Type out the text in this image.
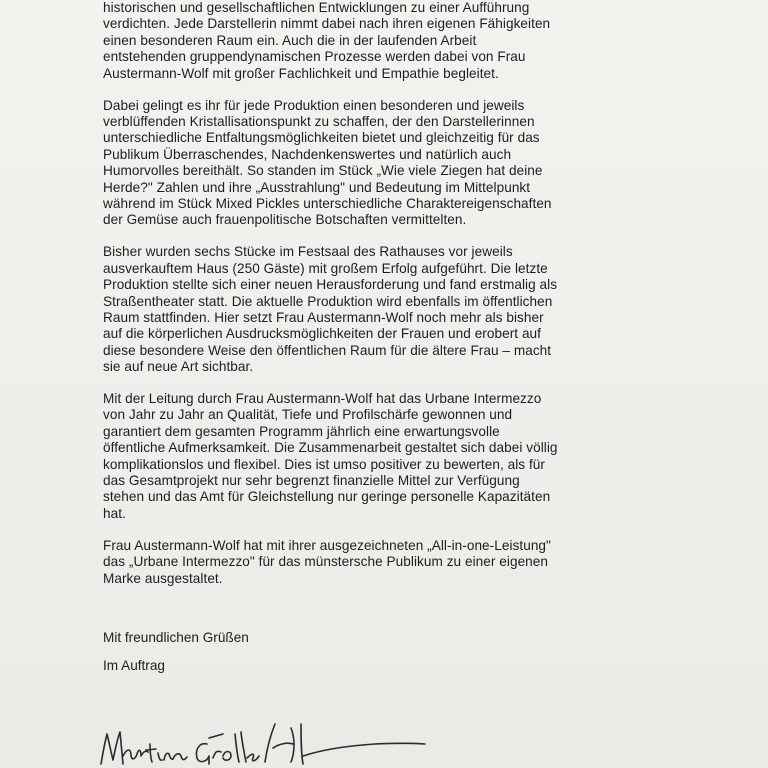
historischen und gesellschaftlichen Entwicklungen zu einer Aufführung
verdichten. Jede Darstellerin nimmt dabei nach ihren eigenen Fähigkeiten
einen besonderen Raum ein. Auch die in der laufenden Arbeit
entstehenden gruppendynamischen Prozesse werden dabei von Frau
Austermann-Wolf mit großer Fachlichkeit und Empathie begleitet.
Dabei gelingt es ihr für jede Produktion einen besonderen und jeweils
verblüffenden Kristallisationspunkt zu schaffen, der den Darstellerinnen
unterschiedliche Entfaltungsmöglichkeiten bietet und gleichzeitig für das
Publikum Überraschendes, Nachdenkenswertes und natürlich auch
Humorvolles bereithält. So standen im Stück „Wie viele Ziegen hat deine
Herde?" Zahlen und ihre „Ausstrahlung" und Bedeutung im Mittelpunkt
während im Stück Mixed Pickles unterschiedliche Charaktereigenschaften
der Gemüse auch frauenpolitische Botschaften vermittelten.
Bisher wurden sechs Stücke im Festsaal des Rathauses vor jeweils
ausverkauftem Haus (250 Gäste) mit großem Erfolg aufgeführt. Die letzte
Produktion stellte sich einer neuen Herausforderung und fand erstmalig als
Straßentheater statt. Die aktuelle Produktion wird ebenfalls im öffentlichen
Raum stattfinden. Hier setzt Frau Austermann-Wolf noch mehr als bisher
auf die körperlichen Ausdrucksmöglichkeiten der Frauen und erobert auf
diese besondere Weise den öffentlichen Raum für die ältere Frau – macht
sie auf neue Art sichtbar.
Mit der Leitung durch Frau Austermann-Wolf hat das Urbane Intermezzo
von Jahr zu Jahr an Qualität, Tiefe und Profilschärfe gewonnen und
garantiert dem gesamten Programm jährlich eine erwartungsvolle
öffentliche Aufmerksamkeit. Die Zusammenarbeit gestaltet sich dabei völlig
komplikationslos und flexibel. Dies ist umso positiver zu bewerten, als für
das Gesamtprojekt nur sehr begrenzt finanzielle Mittel zur Verfügung
stehen und das Amt für Gleichstellung nur geringe personelle Kapazitäten
hat.
Frau Austermann-Wolf hat mit ihrer ausgezeichneten „All-in-one-Leistung"
das „Urbane Intermezzo" für das münstersche Publikum zu einer eigenen
Marke ausgestaltet.
Mit freundlichen Grüßen
Im Auftrag
